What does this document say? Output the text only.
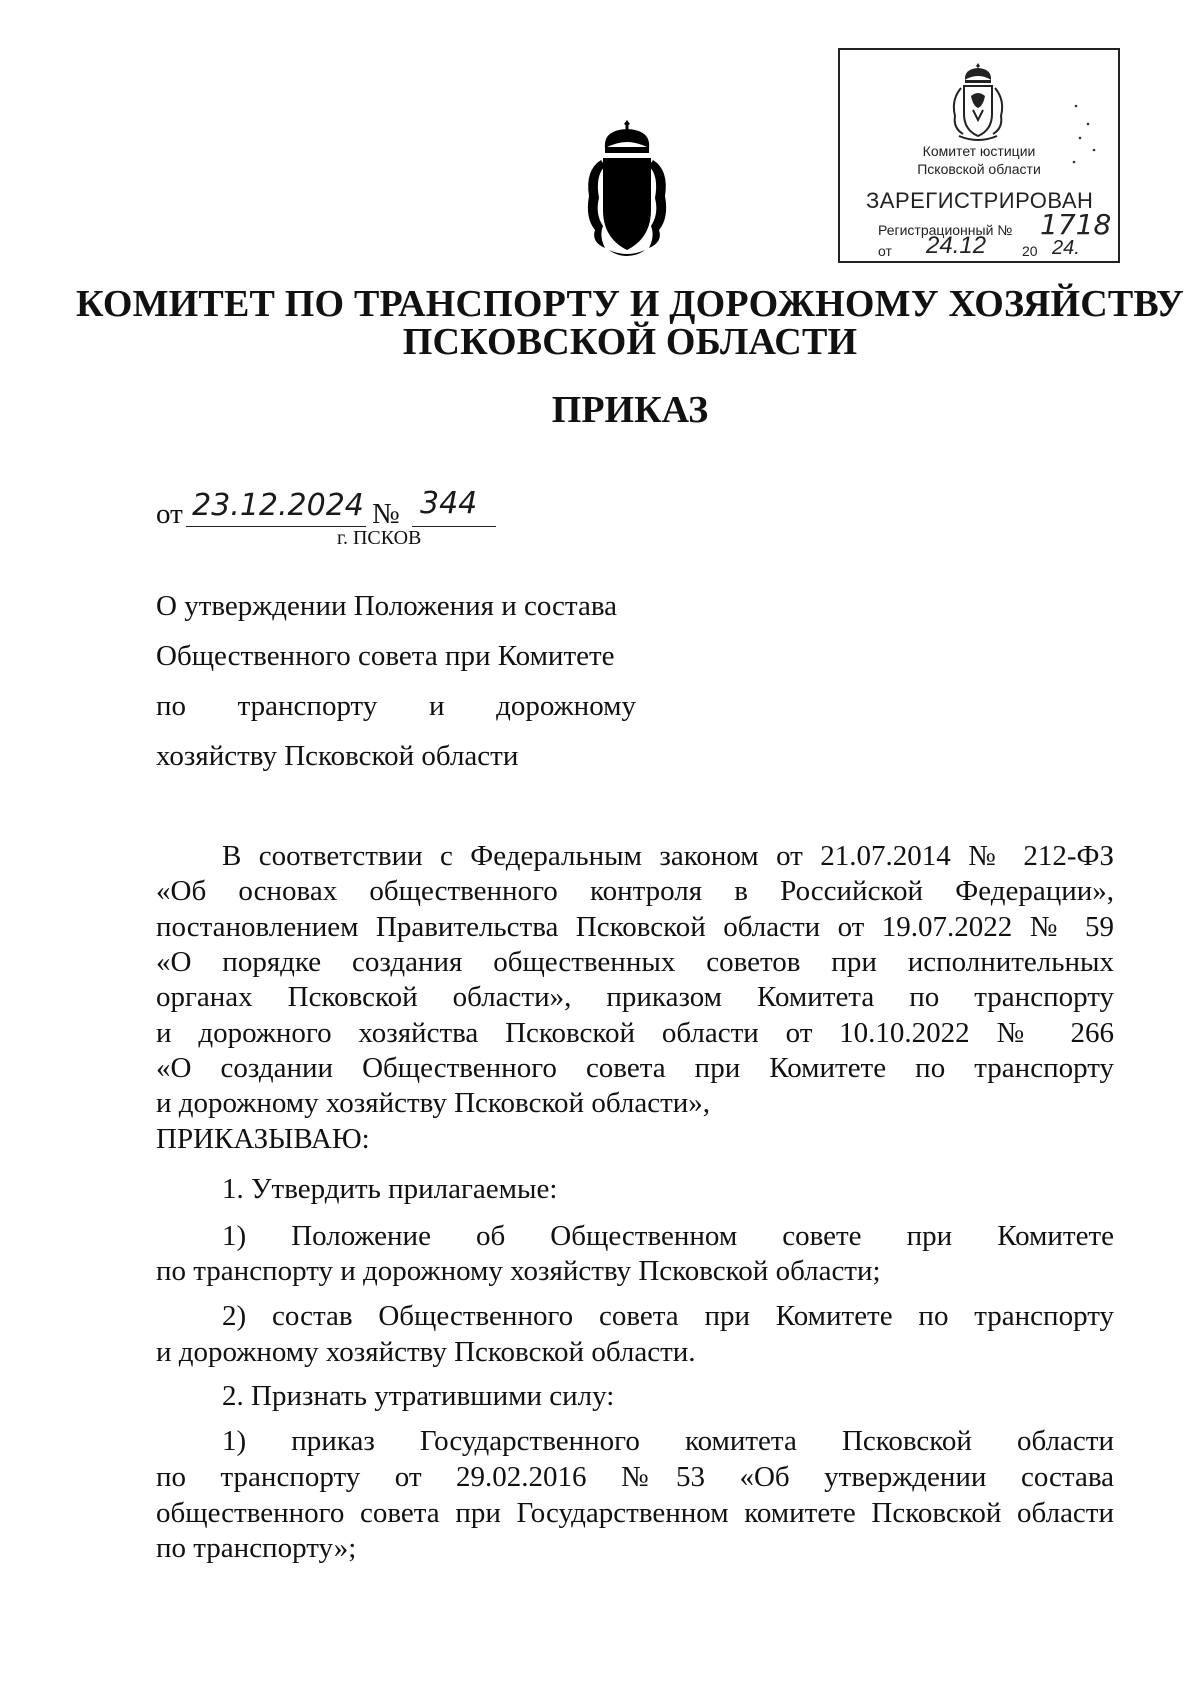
Комитет юстиции
Псковской области
ЗАРЕГИСТРИРОВАН
Регистрационный № 1718
от 24.12	20 24.
КОМИТЕТ ПО ТРАНСПОРТУ И ДОРОЖНОМУ ХОЗЯЙСТВУ
ПСКОВСКОЙ ОБЛАСТИ
ПРИКАЗ
от 23.12.2024 № 344
г. ПСКОВ
О утверждении Положения и состава
Общественного совета при Комитете
по транспорту и дорожному
хозяйству Псковской области
В соответствии с Федеральным законом от 21.07.2014 № 212-ФЗ
«Об основах общественного контроля в Российской Федерации»,
постановлением Правительства Псковской области от 19.07.2022 № 59
«О порядке создания общественных советов при исполнительных
органах Псковской области», приказом Комитета по транспорту
и дорожного хозяйства Псковской области от 10.10.2022 № 266
«О создании Общественного совета при Комитете по транспорту
и дорожному хозяйству Псковской области»,
ПРИКАЗЫВАЮ:
1. Утвердить прилагаемые:
1) Положение об Общественном совете при Комитете
по транспорту и дорожному хозяйству Псковской области;
2) состав Общественного совета при Комитете по транспорту
и дорожному хозяйству Псковской области.
2. Признать утратившими силу:
1) приказ Государственного комитета Псковской области
по транспорту от 29.02.2016 №53 «Об утверждении состава
общественного совета при Государственном комитете Псковской области
по транспорту»;
